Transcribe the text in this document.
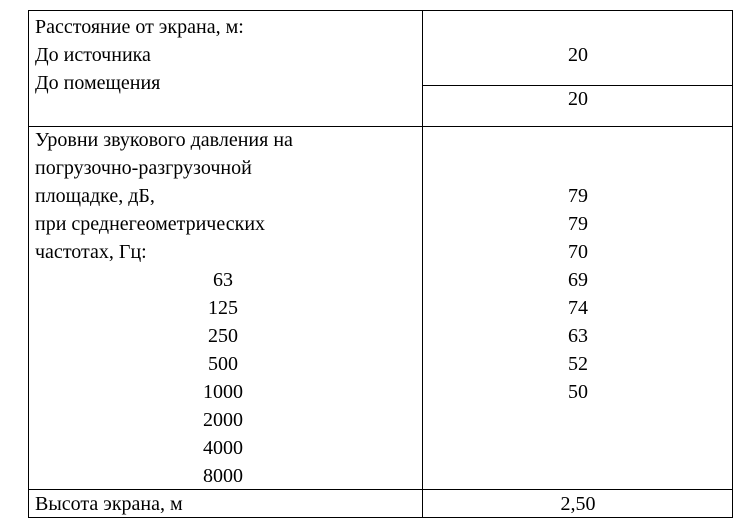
Расстояние от экрана, м:
До источника
До помещения
20
20
Уровни звукового давления на
погрузочно-разгрузочной
площадке, дБ,
при среднегеометрических
частотах, Гц:
63
125
250
500
1000
2000
4000
8000
79
79
70
69
74
63
52
50
Высота экрана, м	2,50
